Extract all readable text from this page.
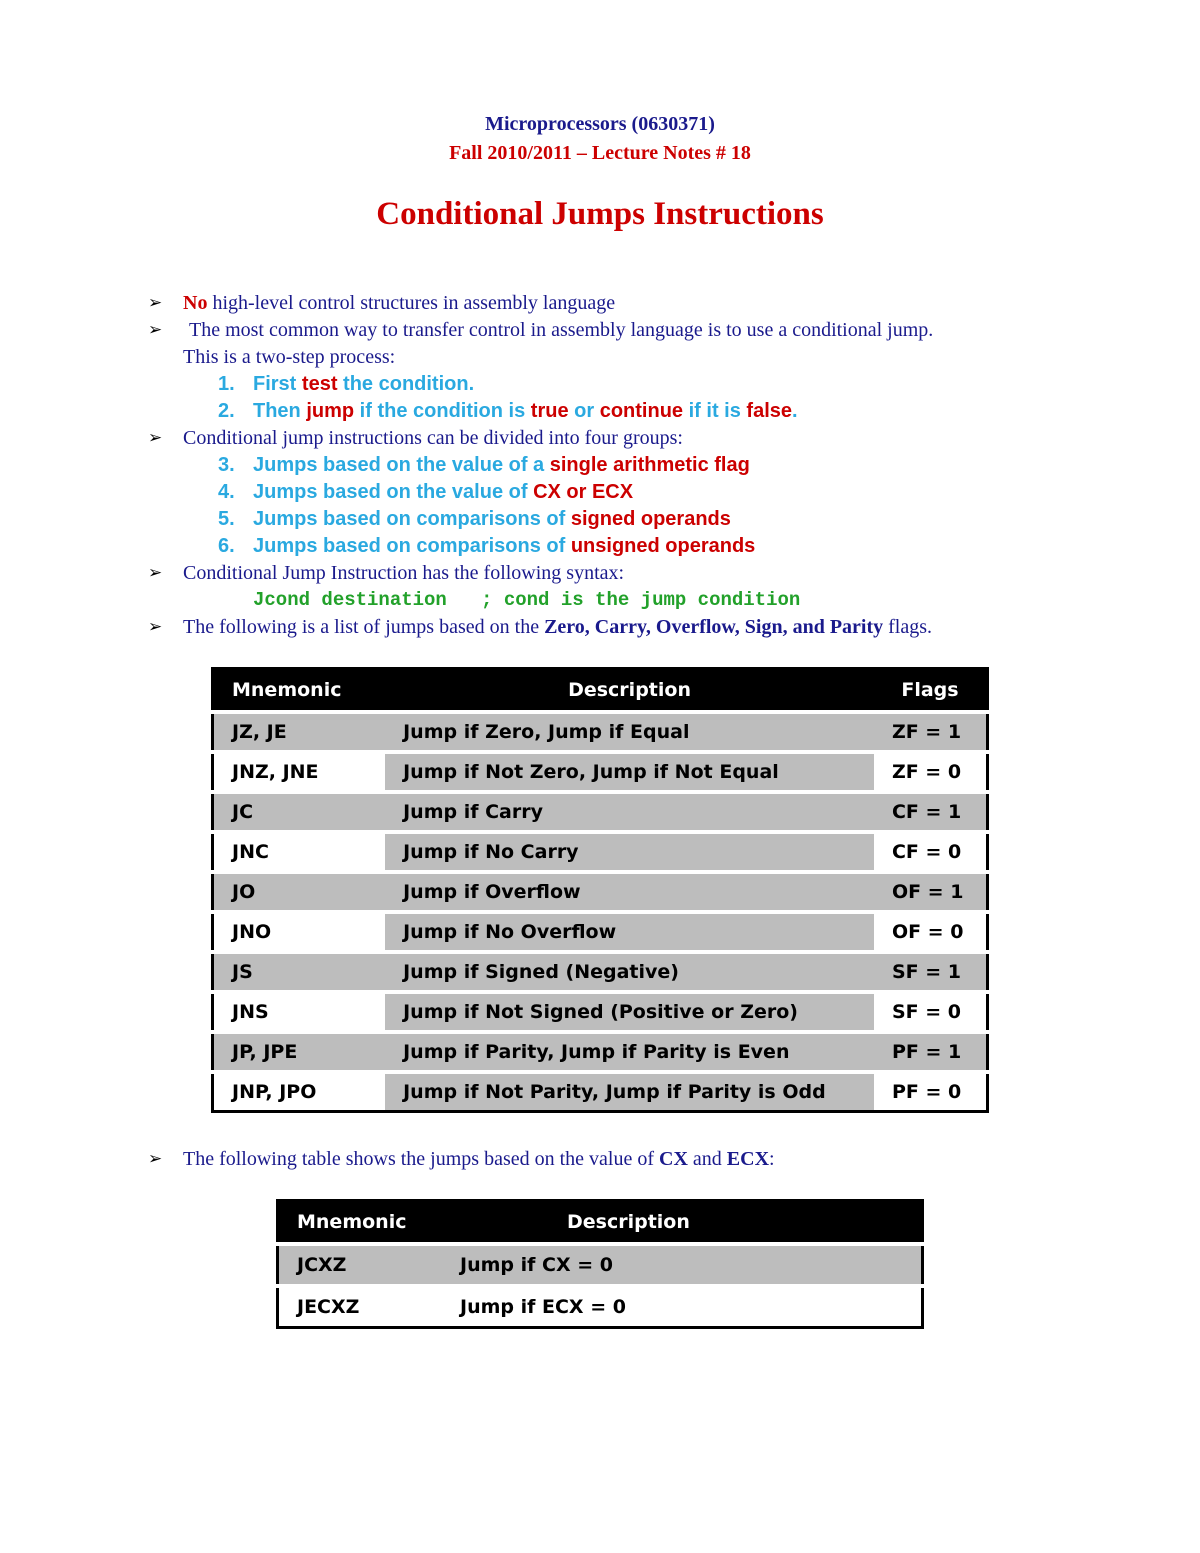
Microprocessors (0630371)
Fall 2010/2011 – Lecture Notes # 18
Conditional Jumps Instructions
➢ No high-level control structures in assembly language
➢	The most common way to transfer control in assembly language is to use a conditional jump.
This is a two-step process:
1. First test the condition.
2. Then jump if the condition is true or continue if it is false.
➢ Conditional jump instructions can be divided into four groups:
3. Jumps based on the value of a single arithmetic flag
4. Jumps based on the value of CX or ECX
5. Jumps based on comparisons of signed operands
6. Jumps based on comparisons of unsigned operands
➢ Conditional Jump Instruction has the following syntax:
Jcond destination   ; cond is the jump condition
➢ The following is a list of jumps based on the Zero, Carry, Overflow, Sign, and Parity flags.
Mnemonic	Description	Flags
JZ, JE	Jump if Zero, Jump if Equal	ZF = 1
JNZ, JNE	Jump if Not Zero, Jump if Not Equal	ZF = 0
JC	Jump if Carry	CF = 1
JNC	Jump if No Carry	CF = 0
JO	Jump if Overflow	OF = 1
JNO	Jump if No Overflow	OF = 0
JS	Jump if Signed (Negative)	SF = 1
JNS	Jump if Not Signed (Positive or Zero)	SF = 0
JP, JPE	Jump if Parity, Jump if Parity is Even	PF = 1
JNP, JPO	Jump if Not Parity, Jump if Parity is Odd	PF = 0
➢ The following table shows the jumps based on the value of CX and ECX:
Mnemonic	Description
JCXZ	Jump if CX = 0
JECXZ	Jump if ECX = 0
